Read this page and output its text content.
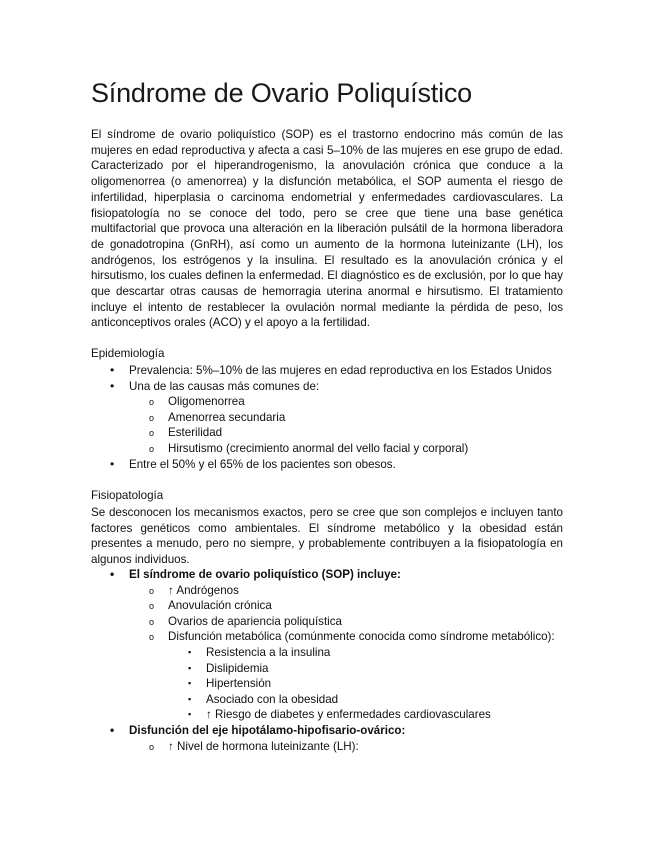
Síndrome de Ovario Poliquístico

El síndrome de ovario poliquístico (SOP) es el trastorno endocrino más común de las mujeres en edad reproductiva y afecta a casi 5–10% de las mujeres en ese grupo de edad. Caracterizado por el hiperandrogenismo, la anovulación crónica que conduce a la oligomenorrea (o amenorrea) y la disfunción metabólica, el SOP aumenta el riesgo de infertilidad, hiperplasia o carcinoma endometrial y enfermedades cardiovasculares. La fisiopatología no se conoce del todo, pero se cree que tiene una base genética multifactorial que provoca una alteración en la liberación pulsátil de la hormona liberadora de gonadotropina (GnRH), así como un aumento de la hormona luteinizante (LH), los andrógenos, los estrógenos y la insulina. El resultado es la anovulación crónica y el hirsutismo, los cuales definen la enfermedad. El diagnóstico es de exclusión, por lo que hay que descartar otras causas de hemorragia uterina anormal e hirsutismo. El tratamiento incluye el intento de restablecer la ovulación normal mediante la pérdida de peso, los anticonceptivos orales (ACO) y el apoyo a la fertilidad.

Epidemiología

• Prevalencia: 5%–10% de las mujeres en edad reproductiva en los Estados Unidos
• Una de las causas más comunes de:
o Oligomenorrea
o Amenorrea secundaria
o Esterilidad
o Hirsutismo (crecimiento anormal del vello facial y corporal)
• Entre el 50% y el 65% de los pacientes son obesos.

Fisiopatología

Se desconocen los mecanismos exactos, pero se cree que son complejos e incluyen tanto factores genéticos como ambientales. El síndrome metabólico y la obesidad están presentes a menudo, pero no siempre, y probablemente contribuyen a la fisiopatología en algunos individuos.

• El síndrome de ovario poliquístico (SOP) incluye:
o ↑ Andrógenos
o Anovulación crónica
o Ovarios de apariencia poliquística
o Disfunción metabólica (comúnmente conocida como síndrome metabólico):
▪ Resistencia a la insulina
▪ Dislipidemia
▪ Hipertensión
▪ Asociado con la obesidad
▪ ↑ Riesgo de diabetes y enfermedades cardiovasculares
• Disfunción del eje hipotálamo-hipofisario-ovárico:
o ↑ Nivel de hormona luteinizante (LH):
